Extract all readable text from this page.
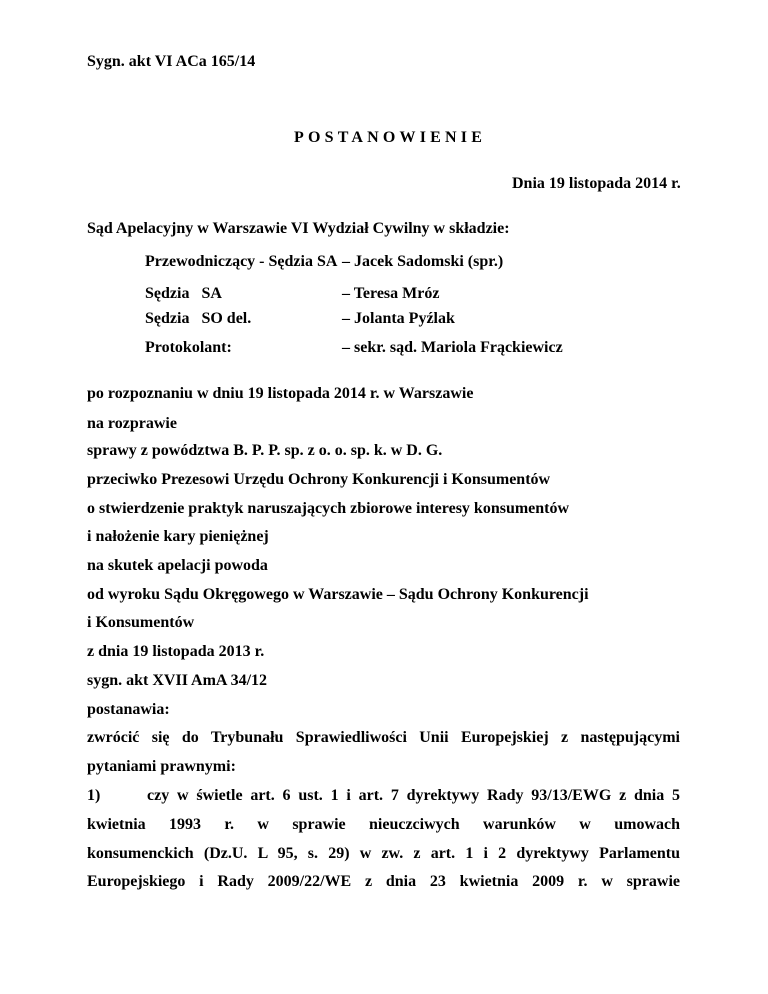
Sygn. akt VI ACa 165/14
POSTANOWIENIE
Dnia 19 listopada 2014 r.
Sąd Apelacyjny w Warszawie VI Wydział Cywilny w składzie:
Przewodniczący - Sędzia SA – Jacek Sadomski (spr.)
Sędzia   SA	– Teresa Mróz
Sędzia   SO del.	– Jolanta Pyźlak
Protokolant:	– sekr. sąd. Mariola Frąckiewicz
po rozpoznaniu w dniu 19 listopada 2014 r. w Warszawie
na rozprawie
sprawy z powództwa B. P. P. sp. z o. o. sp. k. w D. G.
przeciwko Prezesowi Urzędu Ochrony Konkurencji i Konsumentów
o stwierdzenie praktyk naruszających zbiorowe interesy konsumentów
i nałożenie kary pieniężnej
na skutek apelacji powoda
od wyroku Sądu Okręgowego w Warszawie – Sądu Ochrony Konkurencji
i Konsumentów
z dnia 19 listopada 2013 r.
sygn. akt XVII AmA 34/12
postanawia:
zwrócić się do Trybunału Sprawiedliwości Unii Europejskiej z następującymi
pytaniami prawnymi:
1)	czy w świetle art. 6 ust. 1 i art. 7 dyrektywy Rady 93/13/EWG z dnia 5
kwietnia 1993 r. w sprawie nieuczciwych warunków w umowach
konsumenckich (Dz.U. L 95, s. 29) w zw. z art. 1 i 2 dyrektywy Parlamentu
Europejskiego i Rady 2009/22/WE z dnia 23 kwietnia 2009 r. w sprawie
